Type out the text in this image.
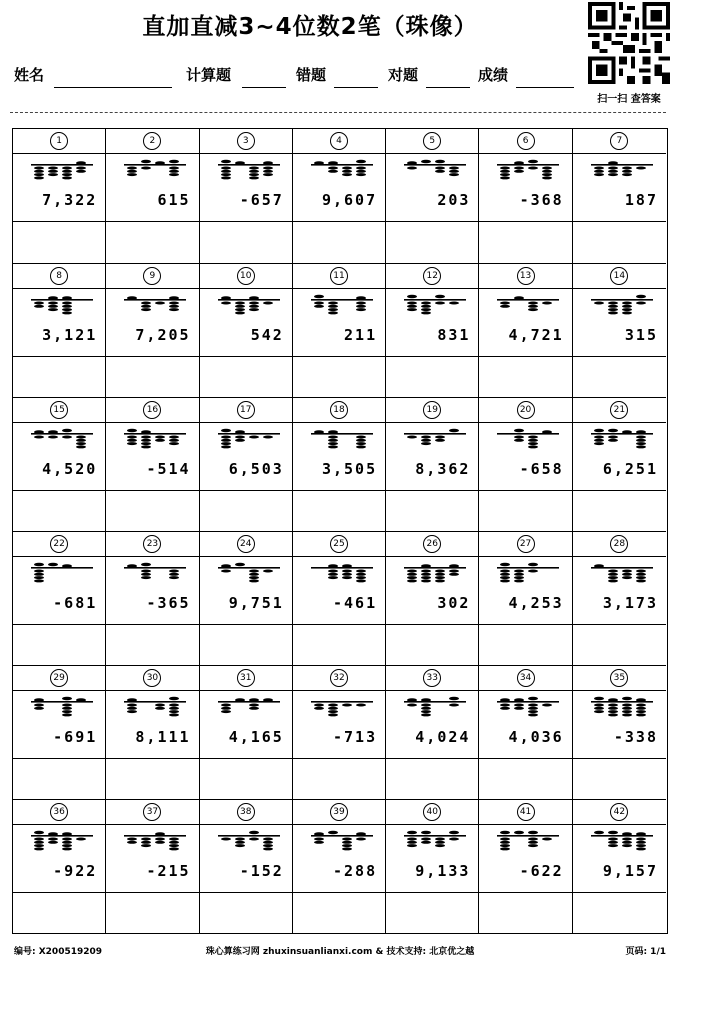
直加直减3~4位数2笔（珠像）
扫一扫 查答案
姓名	计算题	错题	对题	成绩
1
7,322
2
615
3
-657
4
9,607
5
203
6
-368
7
187
8
3,121
9
7,205
10
542
11
211
12
831
13
4,721
14
315
15
4,520
16
-514
17
6,503
18
3,505
19
8,362
20
-658
21
6,251
22
-681
23
-365
24
9,751
25
-461
26
302
27
4,253
28
3,173
29
-691
30
8,111
31
4,165
32
-713
33
4,024
34
4,036
35
-338
36
-922
37
-215
38
-152
39
-288
40
9,133
41
-622
42
9,157
编号: X200519209	珠心算练习网 zhuxinsuanlianxi.com & 技术支持: 北京优之越	页码: 1/1
